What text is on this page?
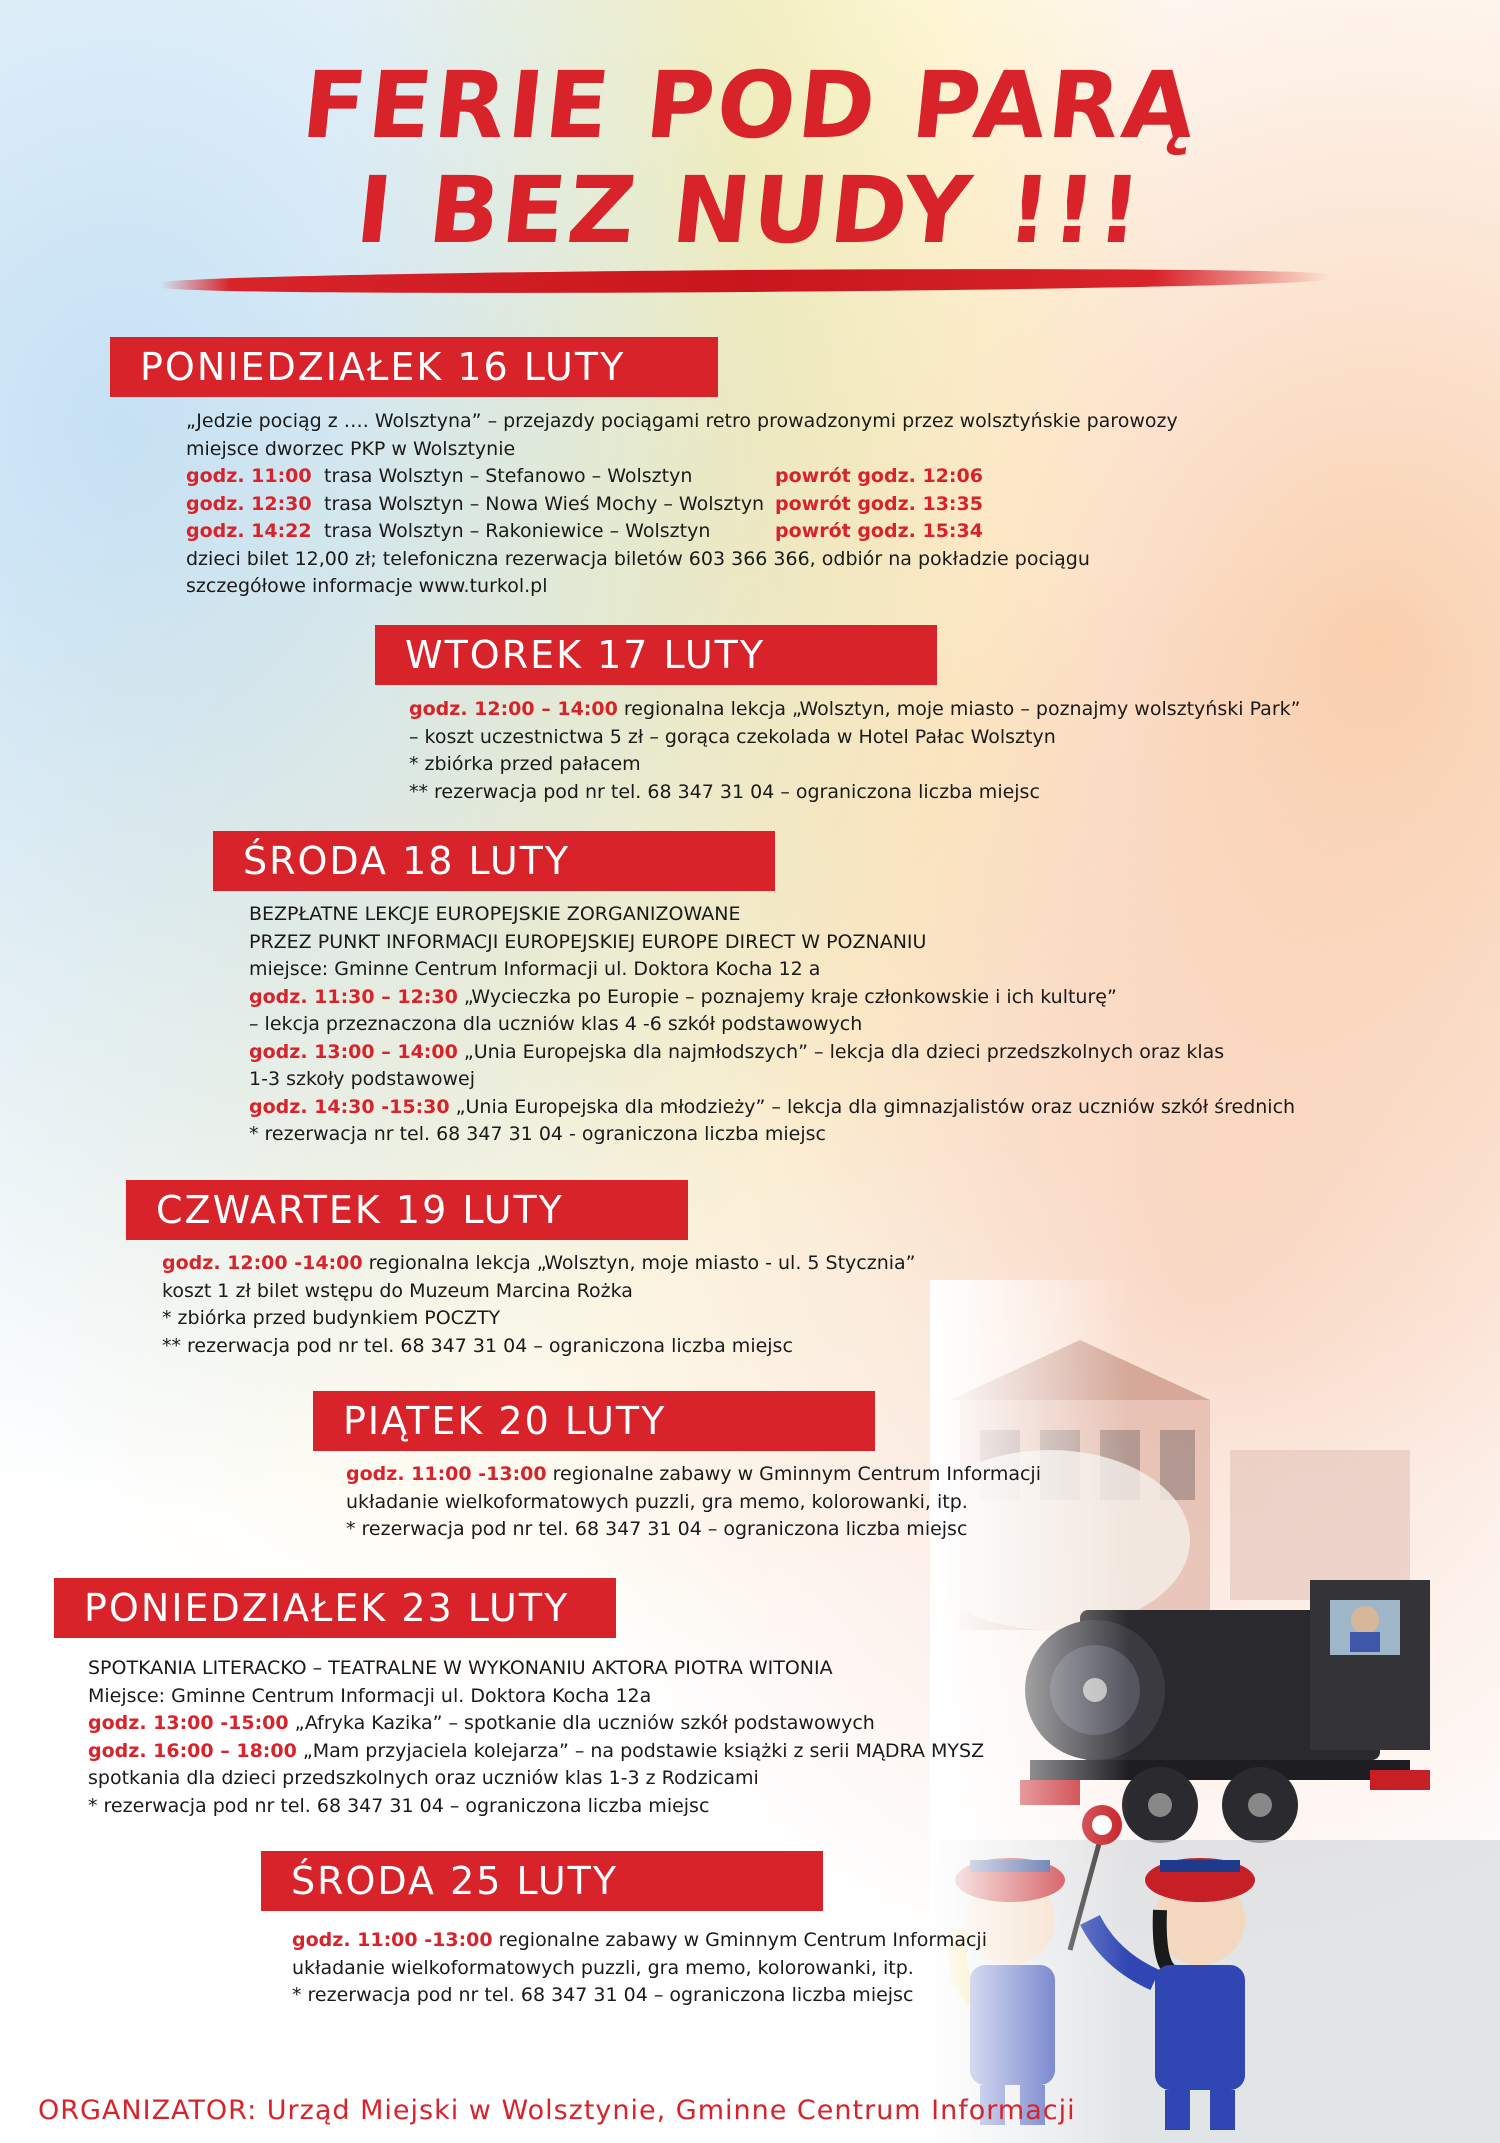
FERIE POD PARĄ
I BEZ NUDY !!!
PONIEDZIAŁEK 16 LUTY
„Jedzie pociąg z …. Wolsztyna” – przejazdy pociągami retro prowadzonymi przez wolsztyńskie parowozy
miejsce dworzec PKP w Wolsztynie
godz. 11:00 trasa Wolsztyn – Stefanowo – Wolsztyn	powrót godz. 12:06
godz. 12:30 trasa Wolsztyn – Nowa Wieś Mochy – Wolsztyn powrót godz. 13:35
godz. 14:22 trasa Wolsztyn – Rakoniewice – Wolsztyn	powrót godz. 15:34
dzieci bilet 12,00 zł; telefoniczna rezerwacja biletów 603 366 366, odbiór na pokładzie pociągu
szczegółowe informacje www.turkol.pl
WTOREK 17 LUTY
godz. 12:00 – 14:00 regionalna lekcja „Wolsztyn, moje miasto – poznajmy wolsztyński Park”
– koszt uczestnictwa 5 zł – gorąca czekolada w Hotel Pałac Wolsztyn
* zbiórka przed pałacem
** rezerwacja pod nr tel. 68 347 31 04 – ograniczona liczba miejsc
ŚRODA 18 LUTY
BEZPŁATNE LEKCJE EUROPEJSKIE ZORGANIZOWANE
PRZEZ PUNKT INFORMACJI EUROPEJSKIEJ EUROPE DIRECT W POZNANIU
miejsce: Gminne Centrum Informacji ul. Doktora Kocha 12 a
godz. 11:30 – 12:30 „Wycieczka po Europie – poznajemy kraje członkowskie i ich kulturę”
– lekcja przeznaczona dla uczniów klas 4 -6 szkół podstawowych
godz. 13:00 – 14:00 „Unia Europejska dla najmłodszych” – lekcja dla dzieci przedszkolnych oraz klas
1-3 szkoły podstawowej
godz. 14:30 -15:30 „Unia Europejska dla młodzieży” – lekcja dla gimnazjalistów oraz uczniów szkół średnich
* rezerwacja nr tel. 68 347 31 04 - ograniczona liczba miejsc
CZWARTEK 19 LUTY
godz. 12:00 -14:00 regionalna lekcja „Wolsztyn, moje miasto - ul. 5 Stycznia”
koszt 1 zł bilet wstępu do Muzeum Marcina Rożka
* zbiórka przed budynkiem POCZTY
** rezerwacja pod nr tel. 68 347 31 04 – ograniczona liczba miejsc
PIĄTEK 20 LUTY
godz. 11:00 -13:00 regionalne zabawy w Gminnym Centrum Informacji
układanie wielkoformatowych puzzli, gra memo, kolorowanki, itp.
* rezerwacja pod nr tel. 68 347 31 04 – ograniczona liczba miejsc
PONIEDZIAŁEK 23 LUTY
SPOTKANIA LITERACKO – TEATRALNE W WYKONANIU AKTORA PIOTRA WITONIA
Miejsce: Gminne Centrum Informacji ul. Doktora Kocha 12a
godz. 13:00 -15:00 „Afryka Kazika” – spotkanie dla uczniów szkół podstawowych
godz. 16:00 – 18:00 „Mam przyjaciela kolejarza” – na podstawie książki z serii MĄDRA MYSZ
spotkania dla dzieci przedszkolnych oraz uczniów klas 1-3 z Rodzicami
* rezerwacja pod nr tel. 68 347 31 04 – ograniczona liczba miejsc
ŚRODA 25 LUTY
godz. 11:00 -13:00 regionalne zabawy w Gminnym Centrum Informacji
układanie wielkoformatowych puzzli, gra memo, kolorowanki, itp.
* rezerwacja pod nr tel. 68 347 31 04 – ograniczona liczba miejsc
ORGANIZATOR: Urząd Miejski w Wolsztynie, Gminne Centrum Informacji
